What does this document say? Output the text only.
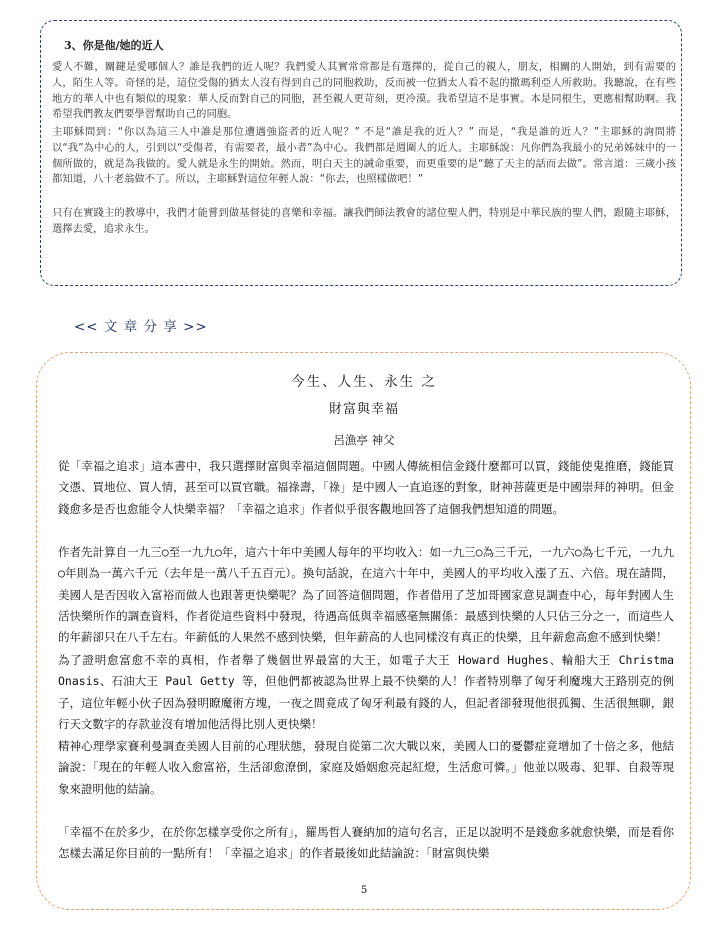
3、你是他/她的近人
愛人不難，關鍵是愛哪個人？誰是我們的近人呢？我們愛人其實常常都是有選擇的，從自己的親人，朋友，相關的人開始，到有需要的人，陌生人等。奇怪的是，這位受傷的猶太人沒有得到自己的同胞救助，反而被一位猶太人看不起的撒瑪利亞人所救助。我聽說，在有些地方的華人中也有類似的現象：華人反而對自己的同胞，甚至親人更苛刻，更冷漠。我希望這不是事實。本是同根生，更應相幫助啊。我希望我們教友們要學習幫助自己的同胞。
主耶穌問到：“你以為這三人中誰是那位遭遇強盜者的近人呢？” 不是“誰是我的近人？” 而是，“我是誰的近人？”主耶穌的詢問將以“我”為中心的人，引到以“受傷者，有需要者，最小者”為中心。我們都是週圍人的近人。主耶穌說：凡你們為我最小的兄弟姊妹中的一個所做的，就是為我做的。愛人就是永生的開始。然而，明白天主的誡命重要，而更重要的是“聽了天主的話而去做”。常言道：三歲小孩都知道，八十老翁做不了。所以，主耶穌對這位年輕人說：“你去，也照樣做吧！”
只有在實踐主的教導中，我們才能嘗到做基督徒的喜樂和幸福。讓我們師法教會的諸位聖人們，特別是中華民族的聖人們，跟隨主耶穌，選擇去愛，追求永生。
<< 文 章 分 享 >>
今生、人生、永生 之
財富與幸福
呂漁亭 神父
從「幸福之追求」這本書中，我只選擇財富與幸福這個問題。中國人傳統相信金錢什麼都可以買，錢能使鬼推磨，錢能買文憑、買地位、買人情，甚至可以買官職。福祿壽，「祿」是中國人一直追逐的對象，財神菩薩更是中國崇拜的神明。但金錢愈多是否也愈能令人快樂幸福？「幸福之追求」作者似乎很客觀地回答了這個我們想知道的問題。
作者先計算自一九三○至一九九○年，這六十年中美國人每年的平均收入：如一九三○為三千元，一九六○為七千元，一九九○年則為一萬六千元（去年是一萬八千五百元）。換句話說，在這六十年中，美國人的平均收入漲了五、六倍。現在請問，美國人是否因收入富裕而做人也跟著更快樂呢？為了回答這個問題，作者借用了芝加哥國家意見調查中心，每年對國人生活快樂所作的調查資料，作者從這些資料中發現，待遇高低與幸福感毫無關係：最感到快樂的人只佔三分之一，而這些人的年薪卻只在八千左右。年薪低的人果然不感到快樂，但年薪高的人也同樣沒有真正的快樂，且年薪愈高愈不感到快樂！
為了證明愈富愈不幸的真相，作者舉了幾個世界最富的大王，如電子大王 Howard Hughes、輪船大王 Christma Onasis、石油大王 Paul Getty 等，但他們都被認為世界上最不快樂的人！作者特別舉了匈牙利魔塊大王路別克的例子，這位年輕小伙子因為發明瞭魔術方塊，一夜之間竟成了匈牙利最有錢的人，但記者卻發現他很孤獨、生活很無聊，銀行天文數字的存款並沒有增加他活得比別人更快樂！
精神心理學家賽利曼調查美國人目前的心理狀態，發現自從第二次大戰以來，美國人口的憂鬱症竟增加了十倍之多，他結論說：「現在的年輕人收入愈富裕，生活卻愈潦倒，家庭及婚姻愈亮起紅燈，生活愈可憐。」他並以吸毒、犯罪、自殺等現象來證明他的結論。
「幸福不在於多少，在於你怎樣享受你之所有」，羅馬哲人賽納加的這句名言，正足以說明不是錢愈多就愈快樂，而是看你怎樣去滿足你目前的一點所有！「幸福之追求」的作者最後如此結論說：「財富與快樂
5
